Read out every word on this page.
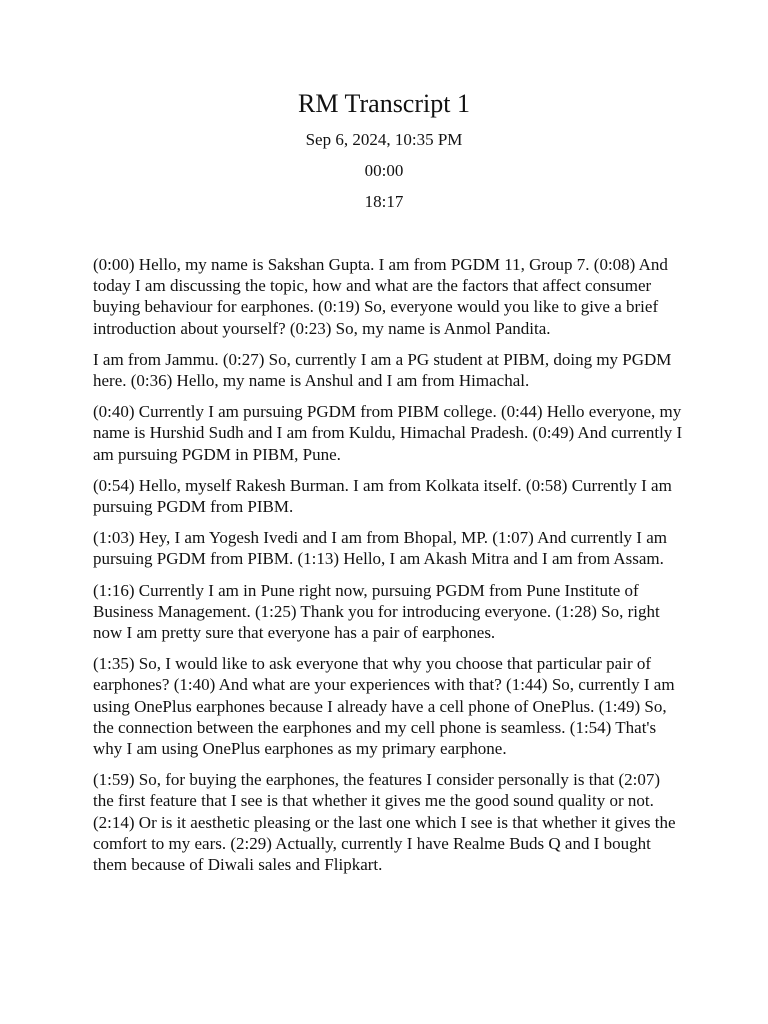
RM Transcript 1
Sep 6, 2024, 10:35 PM
00:00
18:17

(0:00) Hello, my name is Sakshan Gupta. I am from PGDM 11, Group 7. (0:08) And today I am discussing the topic, how and what are the factors that affect consumer buying behaviour for earphones. (0:19) So, everyone would you like to give a brief introduction about yourself? (0:23) So, my name is Anmol Pandita.

I am from Jammu. (0:27) So, currently I am a PG student at PIBM, doing my PGDM here. (0:36) Hello, my name is Anshul and I am from Himachal.

(0:40) Currently I am pursuing PGDM from PIBM college. (0:44) Hello everyone, my name is Hurshid Sudh and I am from Kuldu, Himachal Pradesh. (0:49) And currently I am pursuing PGDM in PIBM, Pune.

(0:54) Hello, myself Rakesh Burman. I am from Kolkata itself. (0:58) Currently I am pursuing PGDM from PIBM.

(1:03) Hey, I am Yogesh Ivedi and I am from Bhopal, MP. (1:07) And currently I am pursuing PGDM from PIBM. (1:13) Hello, I am Akash Mitra and I am from Assam.

(1:16) Currently I am in Pune right now, pursuing PGDM from Pune Institute of Business Management. (1:25) Thank you for introducing everyone. (1:28) So, right now I am pretty sure that everyone has a pair of earphones.

(1:35) So, I would like to ask everyone that why you choose that particular pair of earphones? (1:40) And what are your experiences with that? (1:44) So, currently I am using OnePlus earphones because I already have a cell phone of OnePlus. (1:49) So, the connection between the earphones and my cell phone is seamless. (1:54) That's why I am using OnePlus earphones as my primary earphone.

(1:59) So, for buying the earphones, the features I consider personally is that (2:07) the first feature that I see is that whether it gives me the good sound quality or not. (2:14) Or is it aesthetic pleasing or the last one which I see is that whether it gives the comfort to my ears. (2:29) Actually, currently I have Realme Buds Q and I bought them because of Diwali sales and Flipkart.
